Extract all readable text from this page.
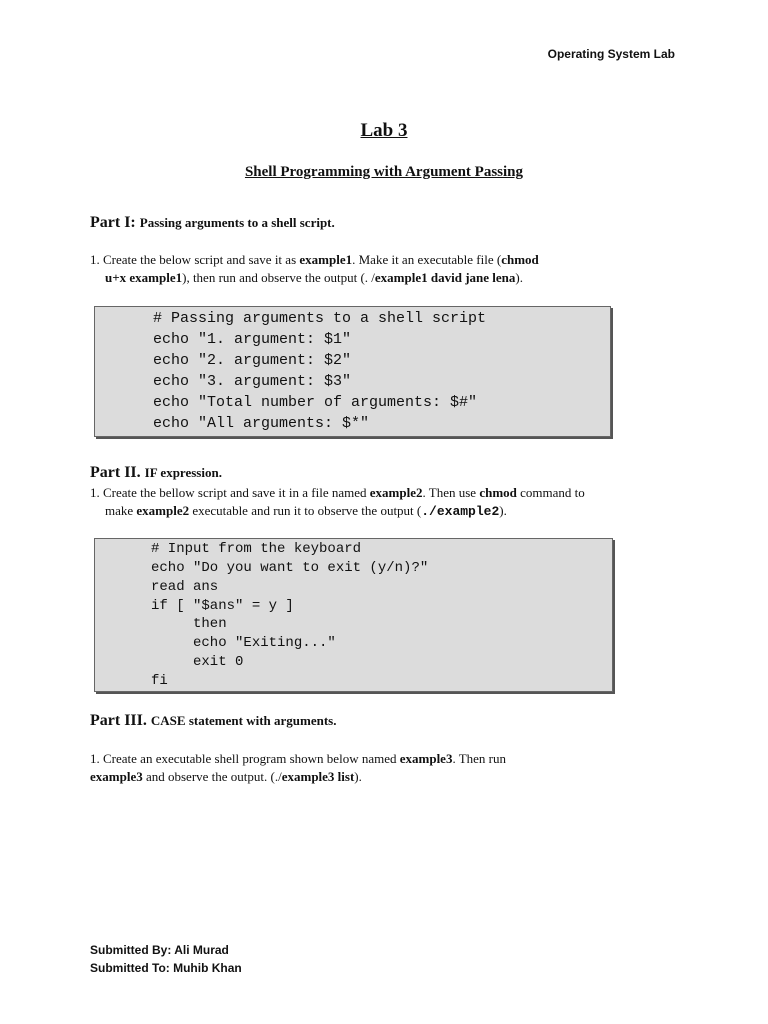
Operating System Lab
Lab 3
Shell Programming with Argument Passing
Part I: Passing arguments to a shell script.
1. Create the below script and save it as example1. Make it an executable file (chmod
u+x example1), then run and observe the output (. /example1 david jane lena).
# Passing arguments to a shell script
echo "1. argument: $1"
echo "2. argument: $2"
echo "3. argument: $3"
echo "Total number of arguments: $#"
echo "All arguments: $*"
Part II. IF expression.
1. Create the bellow script and save it in a file named example2. Then use chmod command to
make example2 executable and run it to observe the output (./example2).
# Input from the keyboard
echo "Do you want to exit (y/n)?"
read ans
if [ "$ans" = y ]
then
echo "Exiting..."
exit 0
fi
Part III. CASE statement with arguments.
1. Create an executable shell program shown below named example3. Then run
example3 and observe the output. (./example3 list).
Submitted By: Ali Murad
Submitted To: Muhib Khan
